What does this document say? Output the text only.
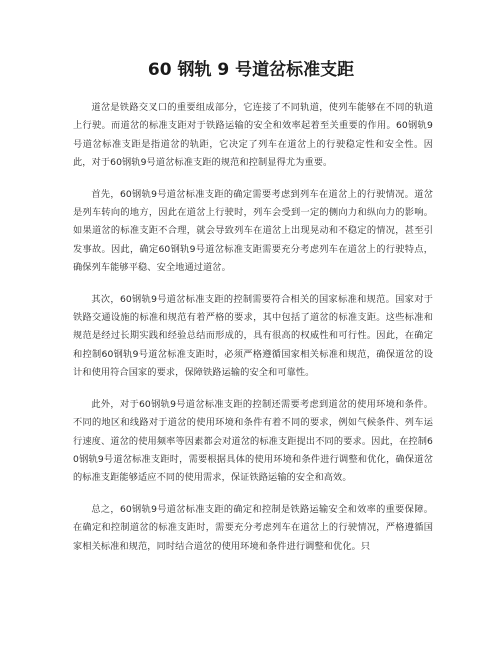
60 钢轨 9 号道岔标准支距

道岔是铁路交叉口的重要组成部分，它连接了不同轨道，使列车能够在不同的轨道上行驶。而道岔的标准支距对于铁路运输的安全和效率起着至关重要的作用。60钢轨9号道岔标准支距是指道岔的轨距，它决定了列车在道岔上的行驶稳定性和安全性。因此，对于60钢轨9号道岔标准支距的规范和控制显得尤为重要。

首先，60钢轨9号道岔标准支距的确定需要考虑到列车在道岔上的行驶情况。道岔是列车转向的地方，因此在道岔上行驶时，列车会受到一定的侧向力和纵向力的影响。如果道岔的标准支距不合理，就会导致列车在道岔上出现晃动和不稳定的情况，甚至引发事故。因此，确定60钢轨9号道岔标准支距需要充分考虑列车在道岔上的行驶特点，确保列车能够平稳、安全地通过道岔。

其次，60钢轨9号道岔标准支距的控制需要符合相关的国家标准和规范。国家对于铁路交通设施的标准和规范有着严格的要求，其中包括了道岔的标准支距。这些标准和规范是经过长期实践和经验总结而形成的，具有很高的权威性和可行性。因此，在确定和控制60钢轨9号道岔标准支距时，必须严格遵循国家相关标准和规范，确保道岔的设计和使用符合国家的要求，保障铁路运输的安全和可靠性。

此外，对于60钢轨9号道岔标准支距的控制还需要考虑到道岔的使用环境和条件。不同的地区和线路对于道岔的使用环境和条件有着不同的要求，例如气候条件、列车运行速度、道岔的使用频率等因素都会对道岔的标准支距提出不同的要求。因此，在控制60钢轨9号道岔标准支距时，需要根据具体的使用环境和条件进行调整和优化，确保道岔的标准支距能够适应不同的使用需求，保证铁路运输的安全和高效。

总之，60钢轨9号道岔标准支距的确定和控制是铁路运输安全和效率的重要保障。在确定和控制道岔的标准支距时，需要充分考虑列车在道岔上的行驶情况，严格遵循国家相关标准和规范，同时结合道岔的使用环境和条件进行调整和优化。只
